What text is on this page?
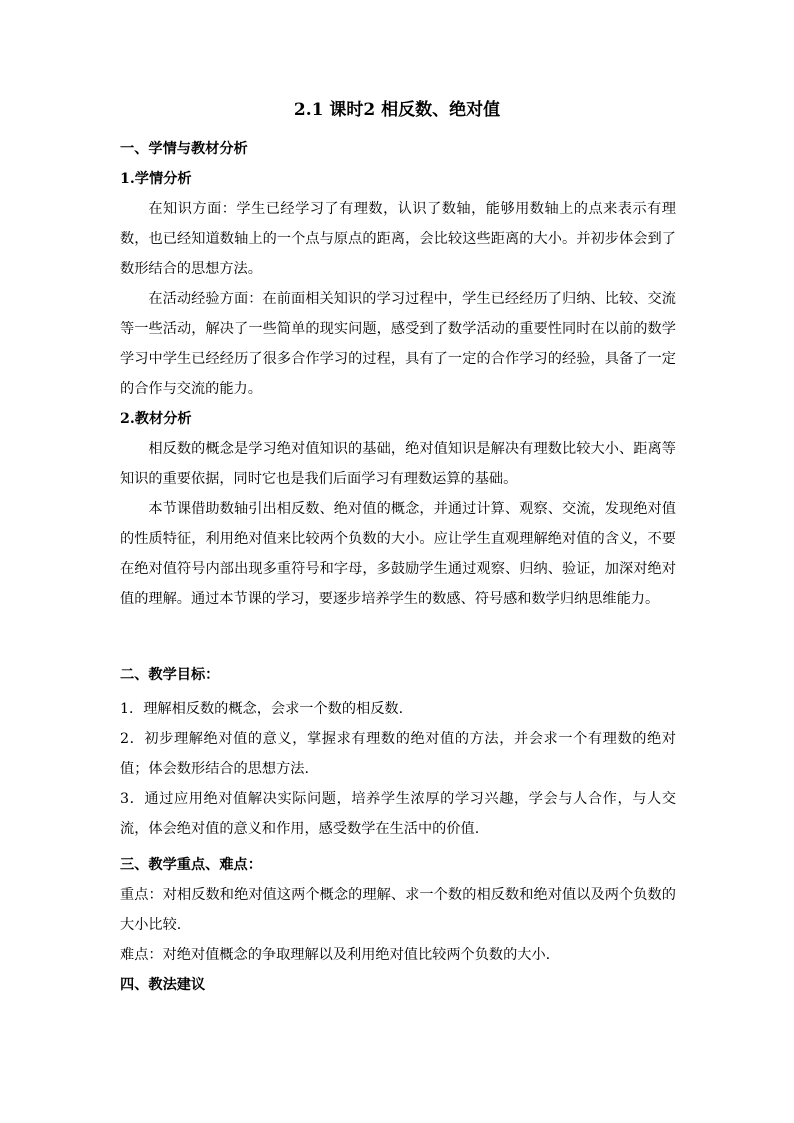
2.1 课时2 相反数、绝对值
一、学情与教材分析
1.学情分析
在知识方面：学生已经学习了有理数，认识了数轴，能够用数轴上的点来表示有理数，也已经知道数轴上的一个点与原点的距离，会比较这些距离的大小。并初步体会到了数形结合的思想方法。
在活动经验方面：在前面相关知识的学习过程中，学生已经经历了归纳、比较、交流等一些活动，解决了一些简单的现实问题，感受到了数学活动的重要性同时在以前的数学学习中学生已经经历了很多合作学习的过程，具有了一定的合作学习的经验，具备了一定的合作与交流的能力。
2.教材分析
相反数的概念是学习绝对值知识的基础，绝对值知识是解决有理数比较大小、距离等知识的重要依据，同时它也是我们后面学习有理数运算的基础。
本节课借助数轴引出相反数、绝对值的概念，并通过计算、观察、交流，发现绝对值的性质特征，利用绝对值来比较两个负数的大小。应让学生直观理解绝对值的含义，不要在绝对值符号内部出现多重符号和字母，多鼓励学生通过观察、归纳、验证，加深对绝对值的理解。通过本节课的学习，要逐步培养学生的数感、符号感和数学归纳思维能力。
二、教学目标：
1．理解相反数的概念，会求一个数的相反数.
2．初步理解绝对值的意义，掌握求有理数的绝对值的方法，并会求一个有理数的绝对值；体会数形结合的思想方法.
3．通过应用绝对值解决实际问题，培养学生浓厚的学习兴趣，学会与人合作，与人交流，体会绝对值的意义和作用，感受数学在生活中的价值.
三、教学重点、难点：
重点：对相反数和绝对值这两个概念的理解、求一个数的相反数和绝对值以及两个负数的大小比较.
难点：对绝对值概念的争取理解以及利用绝对值比较两个负数的大小.
四、教法建议
